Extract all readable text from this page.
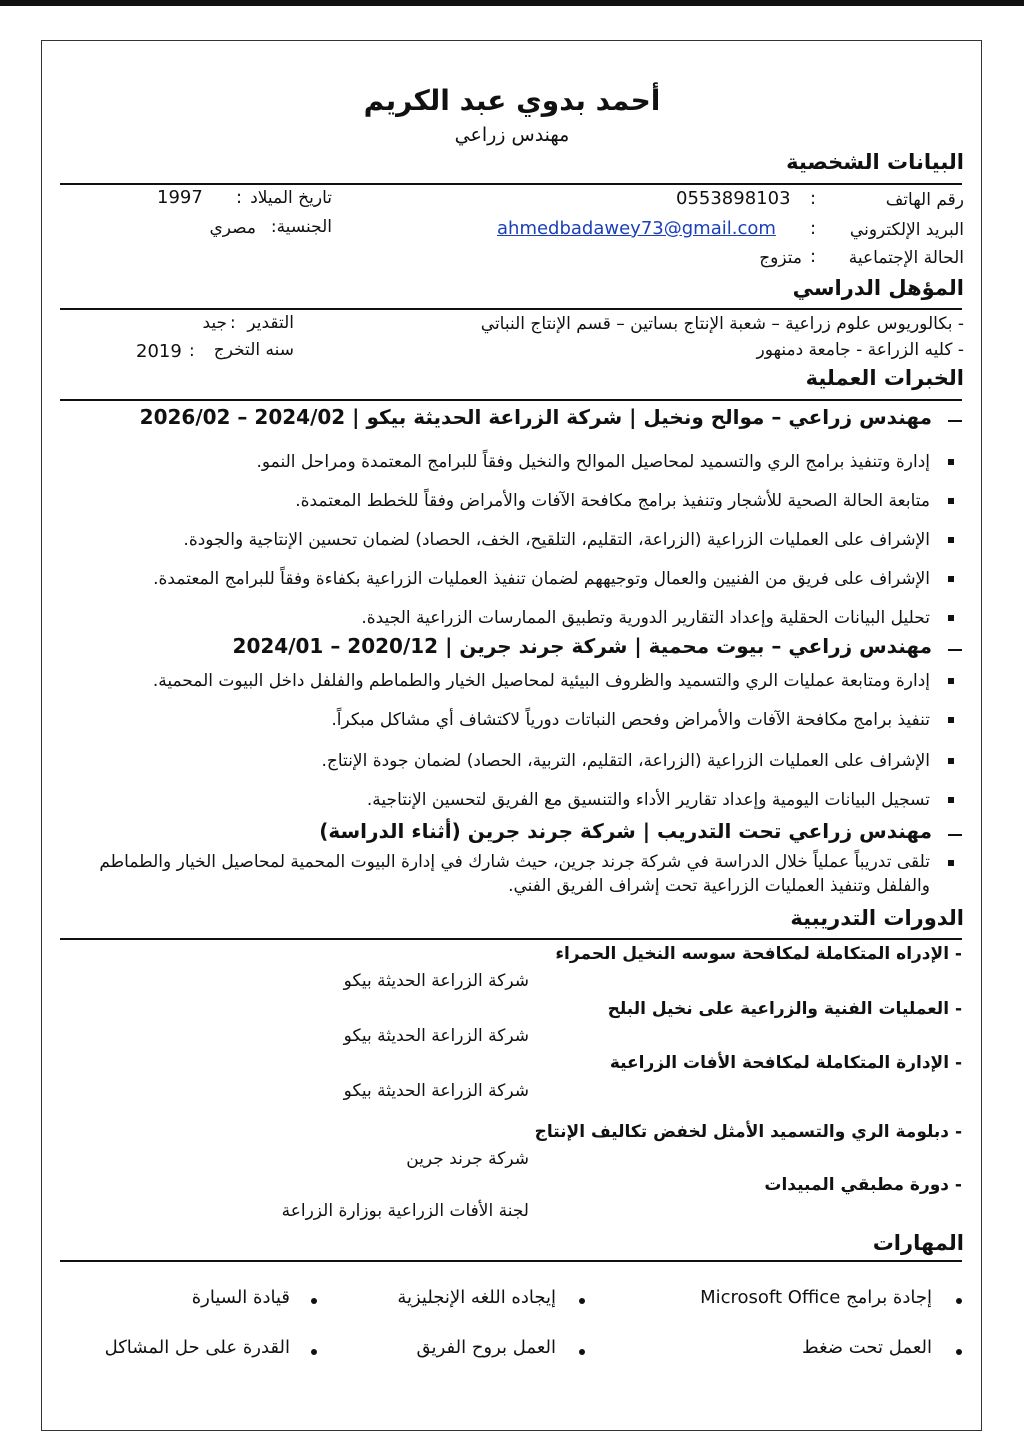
أحمد بدوي عبد الكريم
مهندس زراعي
البيانات الشخصية
رقم الهاتف
:
0553898103
البريد الإلكتروني
:
ahmedbadawey73@gmail.com
الحالة الإجتماعية
:
متزوج
تاريخ الميلاد
:
1997
الجنسية:
مصري
المؤهل الدراسي
- بكالوريوس علوم زراعية – شعبة الإنتاج بساتين – قسم الإنتاج النباتي
- كليه الزراعة - جامعة دمنهور
التقدير
:
جيد
سنه التخرج
:
2019
الخبرات العملية
مهندس زراعي – موالح ونخيل | شركة الزراعة الحديثة بيكو | 2024/02 – 2026/02
إدارة وتنفيذ برامج الري والتسميد لمحاصيل الموالح والنخيل وفقاً للبرامج المعتمدة ومراحل النمو.
متابعة الحالة الصحية للأشجار وتنفيذ برامج مكافحة الآفات والأمراض وفقاً للخطط المعتمدة.
الإشراف على العمليات الزراعية (الزراعة، التقليم، التلقيح، الخف، الحصاد) لضمان تحسين الإنتاجية والجودة.
الإشراف على فريق من الفنيين والعمال وتوجيههم لضمان تنفيذ العمليات الزراعية بكفاءة وفقاً للبرامج المعتمدة.
تحليل البيانات الحقلية وإعداد التقارير الدورية وتطبيق الممارسات الزراعية الجيدة.
مهندس زراعي – بيوت محمية | شركة جرند جرين | 2020/12 – 2024/01
إدارة ومتابعة عمليات الري والتسميد والظروف البيئية لمحاصيل الخيار والطماطم والفلفل داخل البيوت المحمية.
تنفيذ برامج مكافحة الآفات والأمراض وفحص النباتات دورياً لاكتشاف أي مشاكل مبكراً.
الإشراف على العمليات الزراعية (الزراعة، التقليم، التربية، الحصاد) لضمان جودة الإنتاج.
تسجيل البيانات اليومية وإعداد تقارير الأداء والتنسيق مع الفريق لتحسين الإنتاجية.
مهندس زراعي تحت التدريب | شركة جرند جرين (أثناء الدراسة)
تلقى تدريباً عملياً خلال الدراسة في شركة جرند جرين، حيث شارك في إدارة البيوت المحمية لمحاصيل الخيار والطماطم والفلفل وتنفيذ العمليات الزراعية تحت إشراف الفريق الفني.
الدورات التدريبية
- الإدراه المتكاملة لمكافحة سوسه النخيل الحمراء
شركة الزراعة الحديثة بيكو
- العمليات الفنية والزراعية على نخيل البلح
شركة الزراعة الحديثة بيكو
- الإدارة المتكاملة لمكافحة الأفات الزراعية
شركة الزراعة الحديثة بيكو
- دبلومة الري والتسميد الأمثل لخفض تكاليف الإنتاج
شركة جرند جرين
- دورة مطبقي المبيدات
لجنة الأفات الزراعية بوزارة الزراعة
المهارات
إجادة برامج Microsoft Office
إيجاده اللغه الإنجليزية
قيادة السيارة
العمل تحت ضغط
العمل بروح الفريق
القدرة على حل المشاكل
